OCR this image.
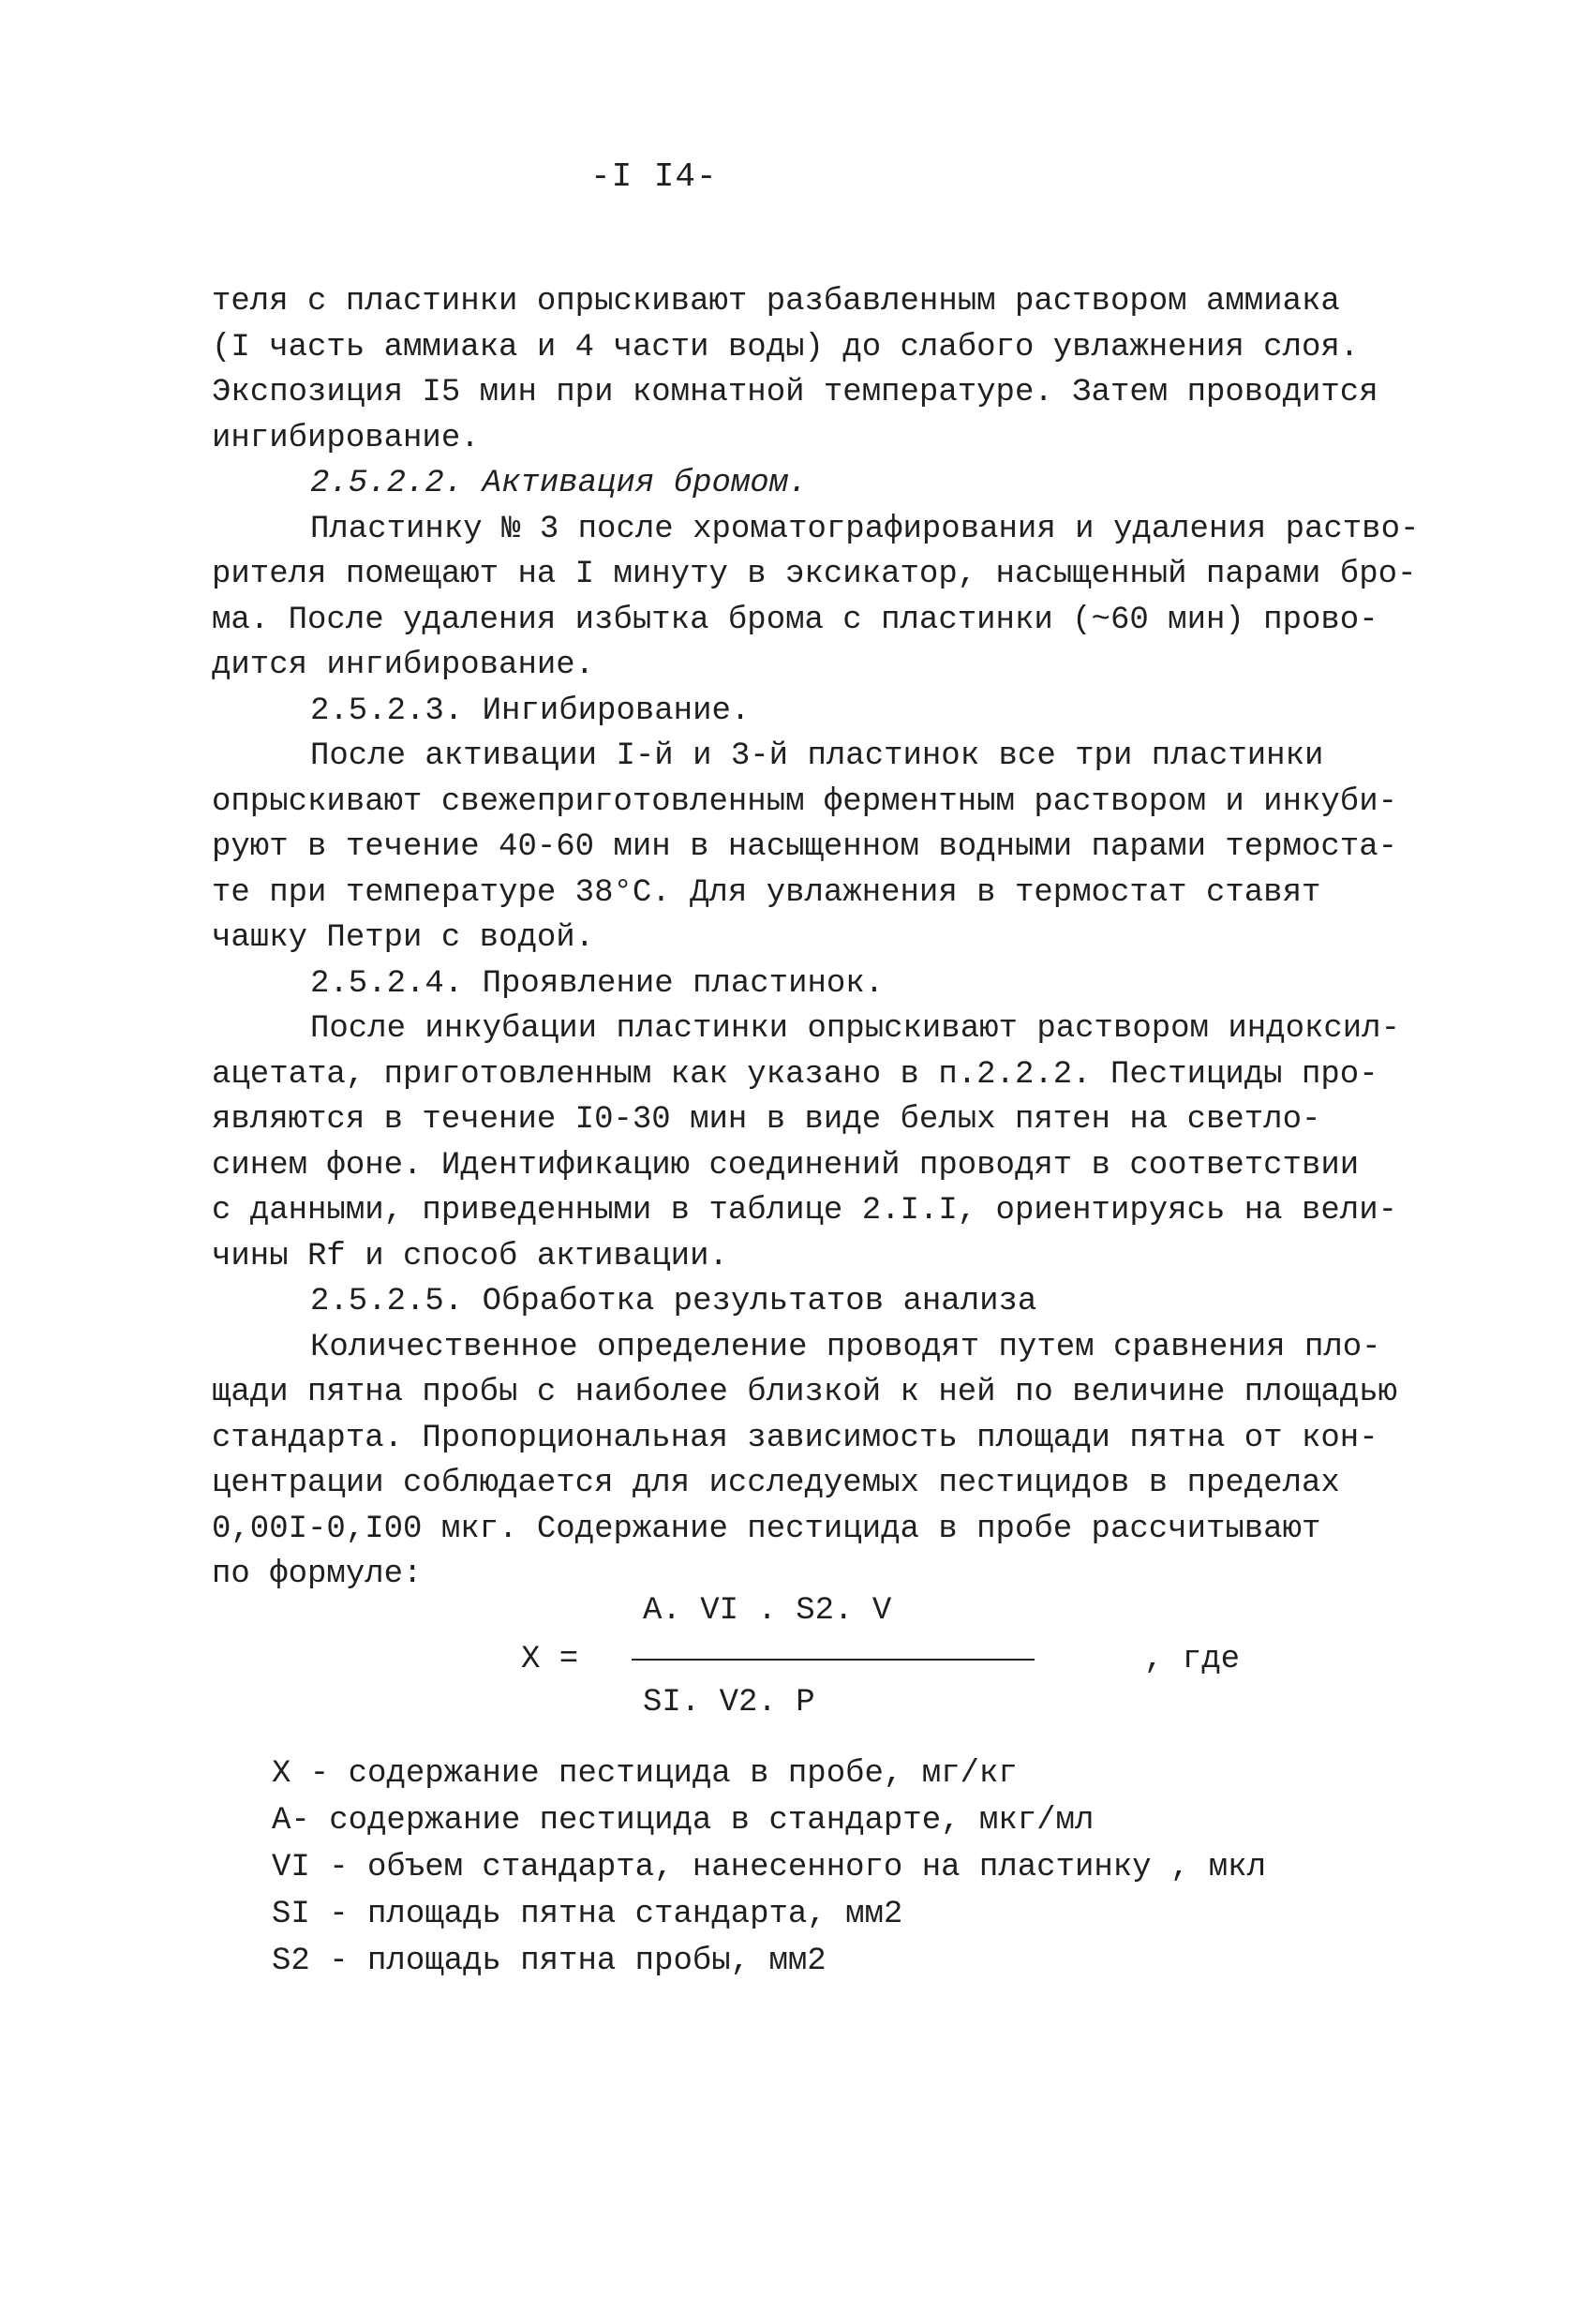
-I I4-
теля с пластинки опрыскивают разбавленным раствором аммиака
(I часть аммиака и 4 части воды) до слабого увлажнения слоя.
Экспозиция I5 мин при комнатной температуре. Затем проводится
ингибирование.
2.5.2.2. Активация бромом.
Пластинку № 3 после хроматографирования и удаления раство-
рителя помещают на I минуту в эксикатор, насыщенный парами бро-
ма. После удаления избытка брома с пластинки (~60 мин) прово-
дится ингибирование.
2.5.2.3. Ингибирование.
После активации I-й и 3-й пластинок все три пластинки
опрыскивают свежеприготовленным ферментным раствором и инкуби-
руют в течение 40-60 мин в насыщенном водными парами термоста-
те при температуре 38°С. Для увлажнения в термостат ставят
чашку Петри с водой.
2.5.2.4. Проявление пластинок.
После инкубации пластинки опрыскивают раствором индоксил-
ацетата, приготовленным как указано в п.2.2.2. Пестициды про-
являются в течение I0-30 мин в виде белых пятен на светло-
синем фоне. Идентификацию соединений проводят в соответствии
с данными, приведенными в таблице 2.I.I, ориентируясь на вели-
чины Rf и способ активации.
2.5.2.5. Обработка результатов анализа
Количественное определение проводят путем сравнения пло-
щади пятна пробы с наиболее близкой к ней по величине площадью
стандарта. Пропорциональная зависимость площади пятна от кон-
центрации соблюдается для исследуемых пестицидов в пределах
0,00I-0,I00 мкг. Содержание пестицида в пробе рассчитывают
по формуле:
X =
A. VI . S2. V
SI. V2. P
, где
X - содержание пестицида в пробе, мг/кг
A- содержание пестицида в стандарте, мкг/мл
VI - объем стандарта, нанесенного на пластинку , мкл
SI - площадь пятна стандарта, мм2
S2 - площадь пятна пробы, мм2
